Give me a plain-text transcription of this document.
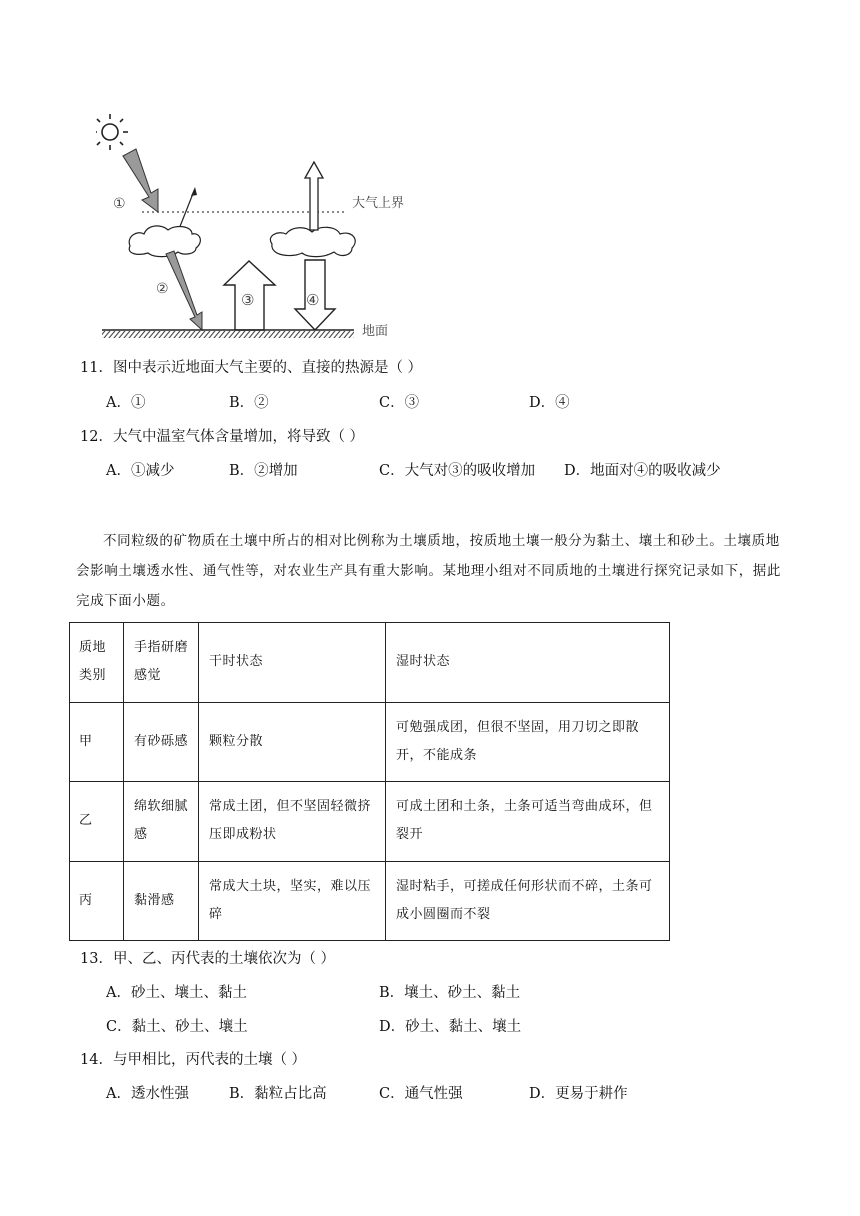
①
②
③	④
大气上界
地面
11．图中表示近地面大气主要的、直接的热源是（ ）
A．①	B．②	C．③	D．④
12．大气中温室气体含量增加，将导致（ ）
A．①减少	B．②增加	C．大气对③的吸收增加 D．地面对④的吸收减少

不同粒级的矿物质在土壤中所占的相对比例称为土壤质地，按质地土壤一般分为黏土、壤土和砂土。土壤质地会影响土壤透水性、通气性等，对农业生产具有重大影响。某地理小组对不同质地的土壤进行探究记录如下，据此完成下面小题。

质地类别	手指研磨感觉	干时状态	湿时状态
甲	有砂砾感	颗粒分散	可勉强成团，但很不坚固，用刀切之即散开，不能成条
乙	绵软细腻感	常成土团，但不坚固轻微挤压即成粉状	可成土团和土条，土条可适当弯曲成环，但裂开
丙	黏滑感	常成大土块，坚实，难以压碎	湿时粘手，可搓成任何形状而不碎，土条可成小圆圈而不裂
13．甲、乙、丙代表的土壤依次为（ ）
A．砂土、壤土、黏土	B．壤土、砂土、黏土
C．黏土、砂土、壤土	D．砂土、黏土、壤土
14．与甲相比，丙代表的土壤（ ）
A．透水性强	B．黏粒占比高	C．通气性强	D．更易于耕作
